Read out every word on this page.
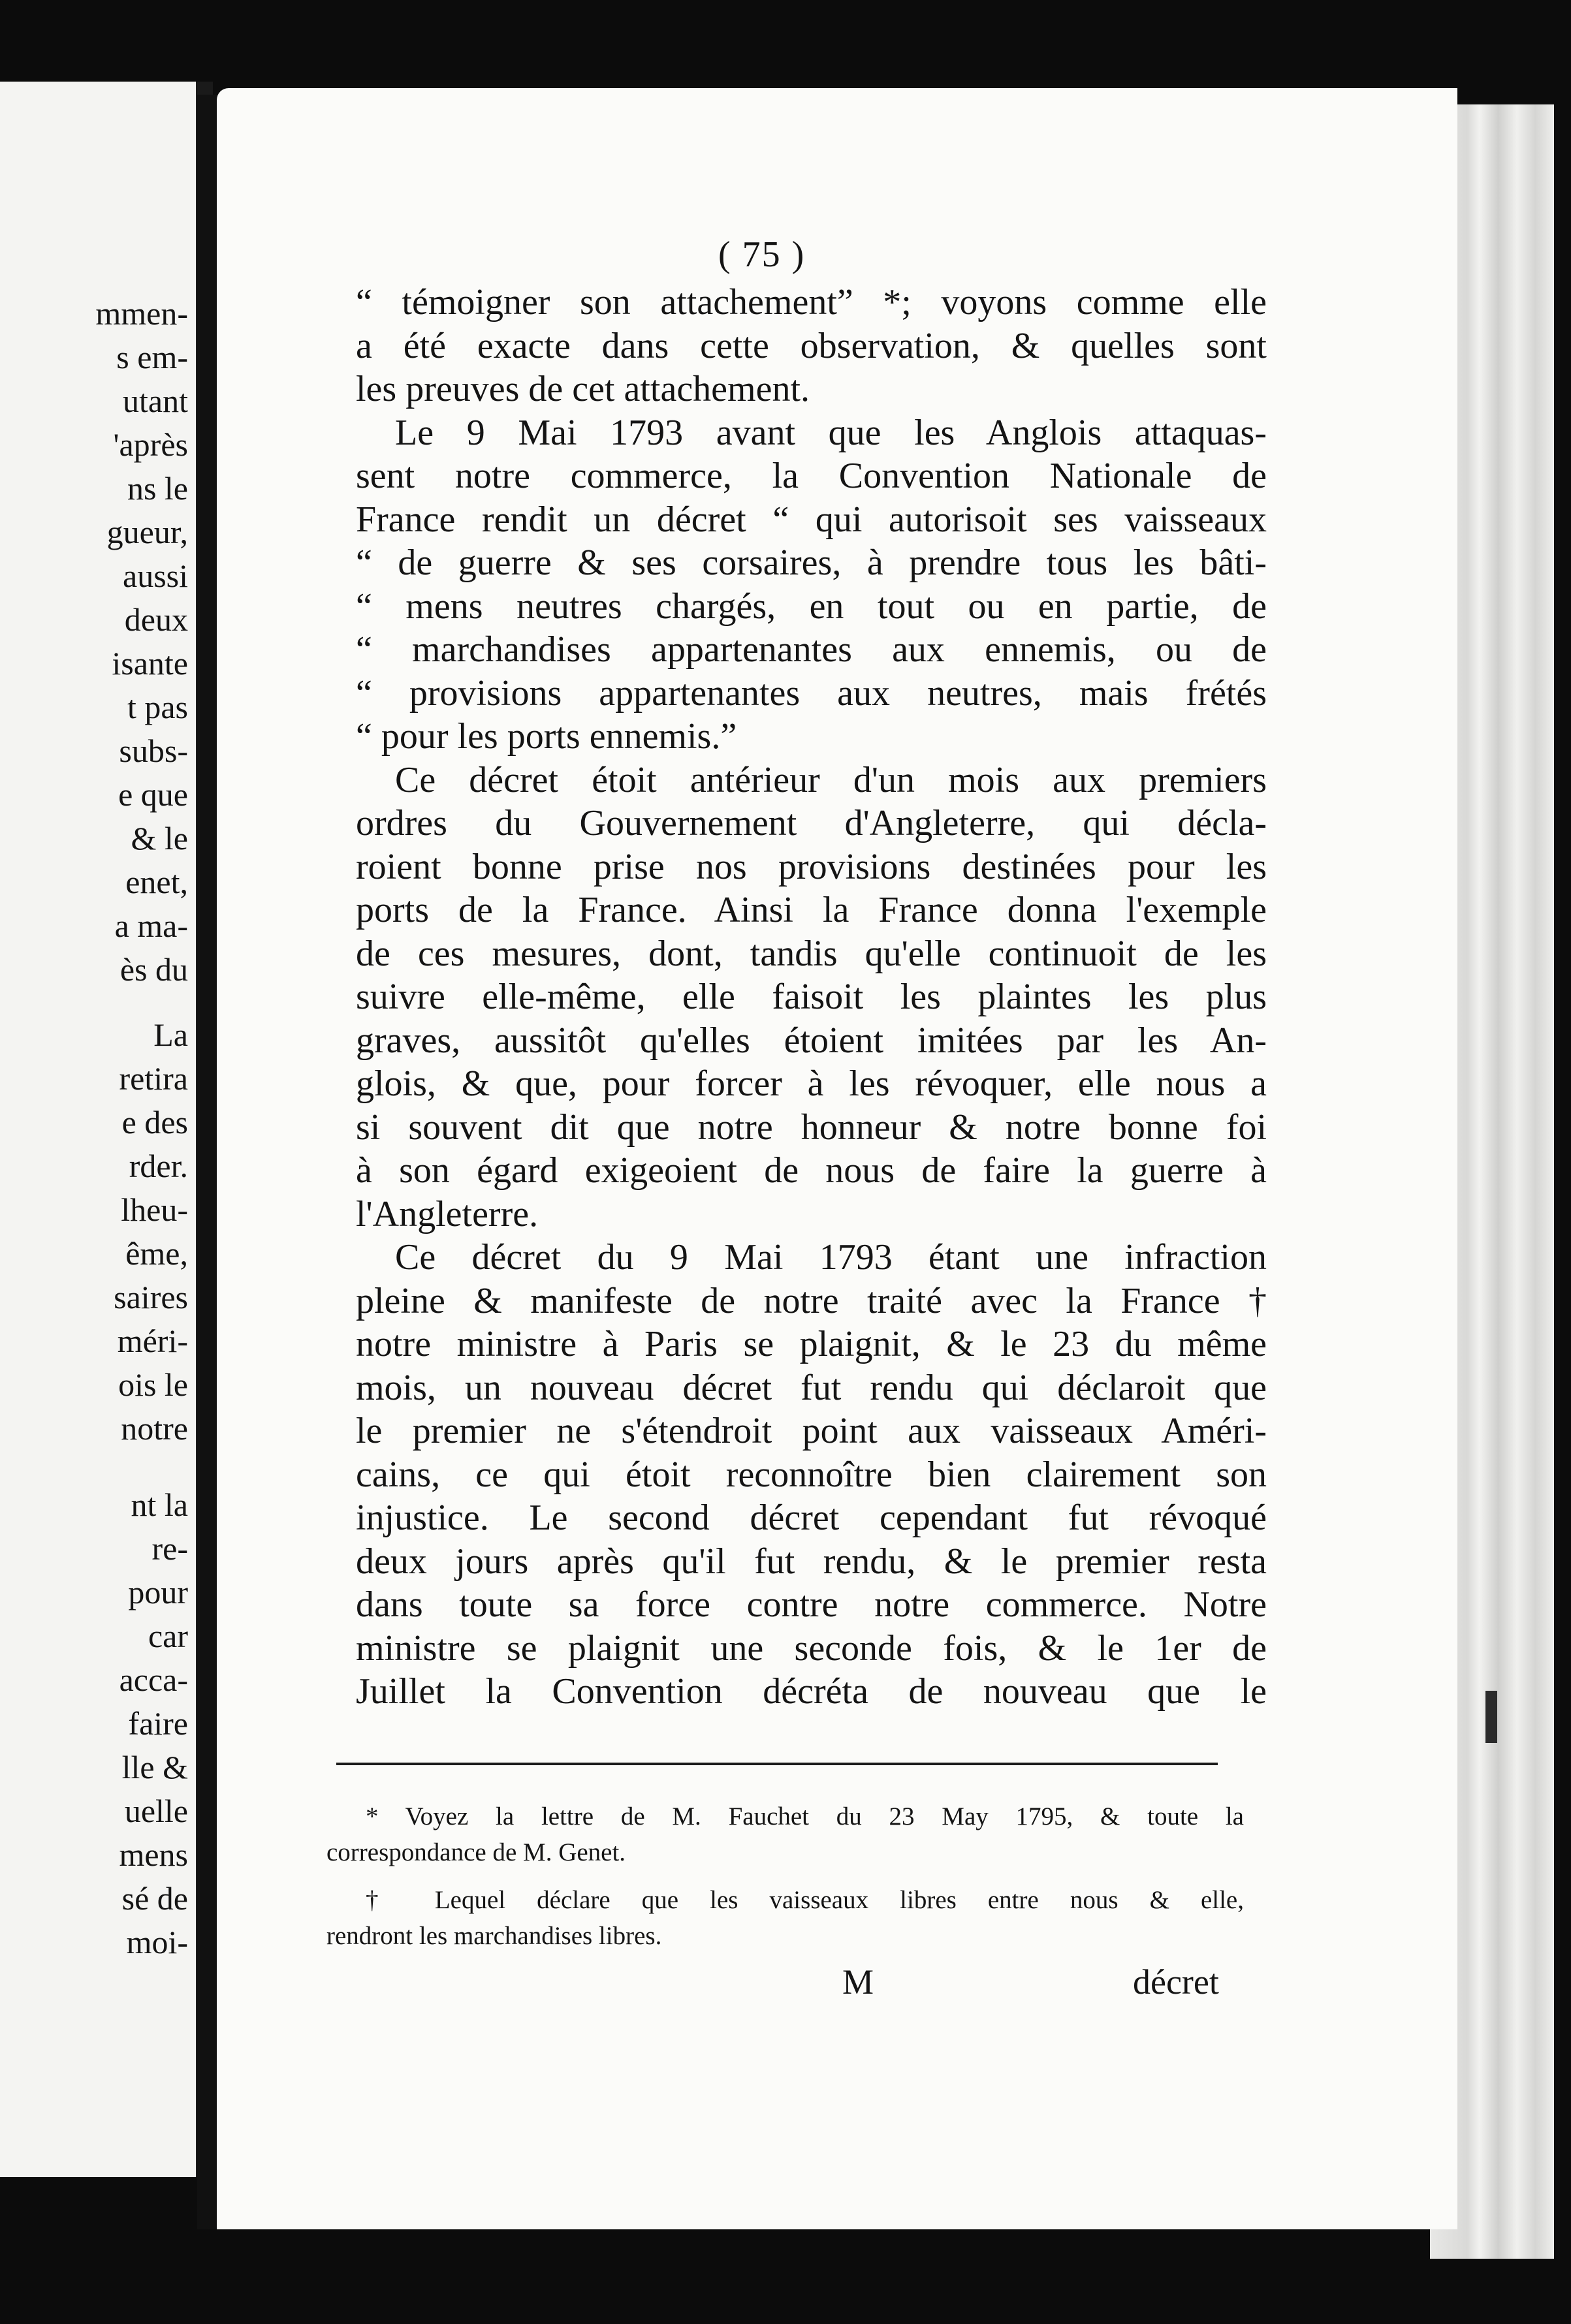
mmen-
s em-
utant
'après
ns le
gueur,
aussi
deux
isante
t pas
subs-
e que
& le
enet,
a ma-
ès du
La
retira
e des
rder.
lheu-
ême,
saires
méri-
ois le
notre
nt la
re-
pour
car
acca-
faire
lle &
uelle
mens
sé de
moi-
( 75 )
“ témoigner son attachement” *; voyons comme elle
a été exacte dans cette observation, & quelles sont
les preuves de cet attachement.
Le 9 Mai 1793 avant que les Anglois attaquas-
sent notre commerce, la Convention Nationale de
France rendit un décret “ qui autorisoit ses vaisseaux
“ de guerre & ses corsaires, à prendre tous les bâti-
“ mens neutres chargés, en tout ou en partie, de
“ marchandises appartenantes aux ennemis, ou de
“ provisions appartenantes aux neutres, mais frétés
“ pour les ports ennemis.”
Ce décret étoit antérieur d'un mois aux premiers
ordres du Gouvernement d'Angleterre, qui décla-
roient bonne prise nos provisions destinées pour les
ports de la France. Ainsi la France donna l'exemple
de ces mesures, dont, tandis qu'elle continuoit de les
suivre elle-même, elle faisoit les plaintes les plus
graves, aussitôt qu'elles étoient imitées par les An-
glois, & que, pour forcer à les révoquer, elle nous a
si souvent dit que notre honneur & notre bonne foi
à son égard exigeoient de nous de faire la guerre à
l'Angleterre.
Ce décret du 9 Mai 1793 étant une infraction
pleine & manifeste de notre traité avec la France †
notre ministre à Paris se plaignit, & le 23 du même
mois, un nouveau décret fut rendu qui déclaroit que
le premier ne s'étendroit point aux vaisseaux Améri-
cains, ce qui étoit reconnoître bien clairement son
injustice. Le second décret cependant fut révoqué
deux jours après qu'il fut rendu, & le premier resta
dans toute sa force contre notre commerce. Notre
ministre se plaignit une seconde fois, & le 1er de
Juillet la Convention décréta de nouveau que le
* Voyez la lettre de M. Fauchet du 23 May 1795, & toute la
correspondance de M. Genet.
† Lequel déclare que les vaisseaux libres entre nous & elle,
rendront les marchandises libres.
M	décret
